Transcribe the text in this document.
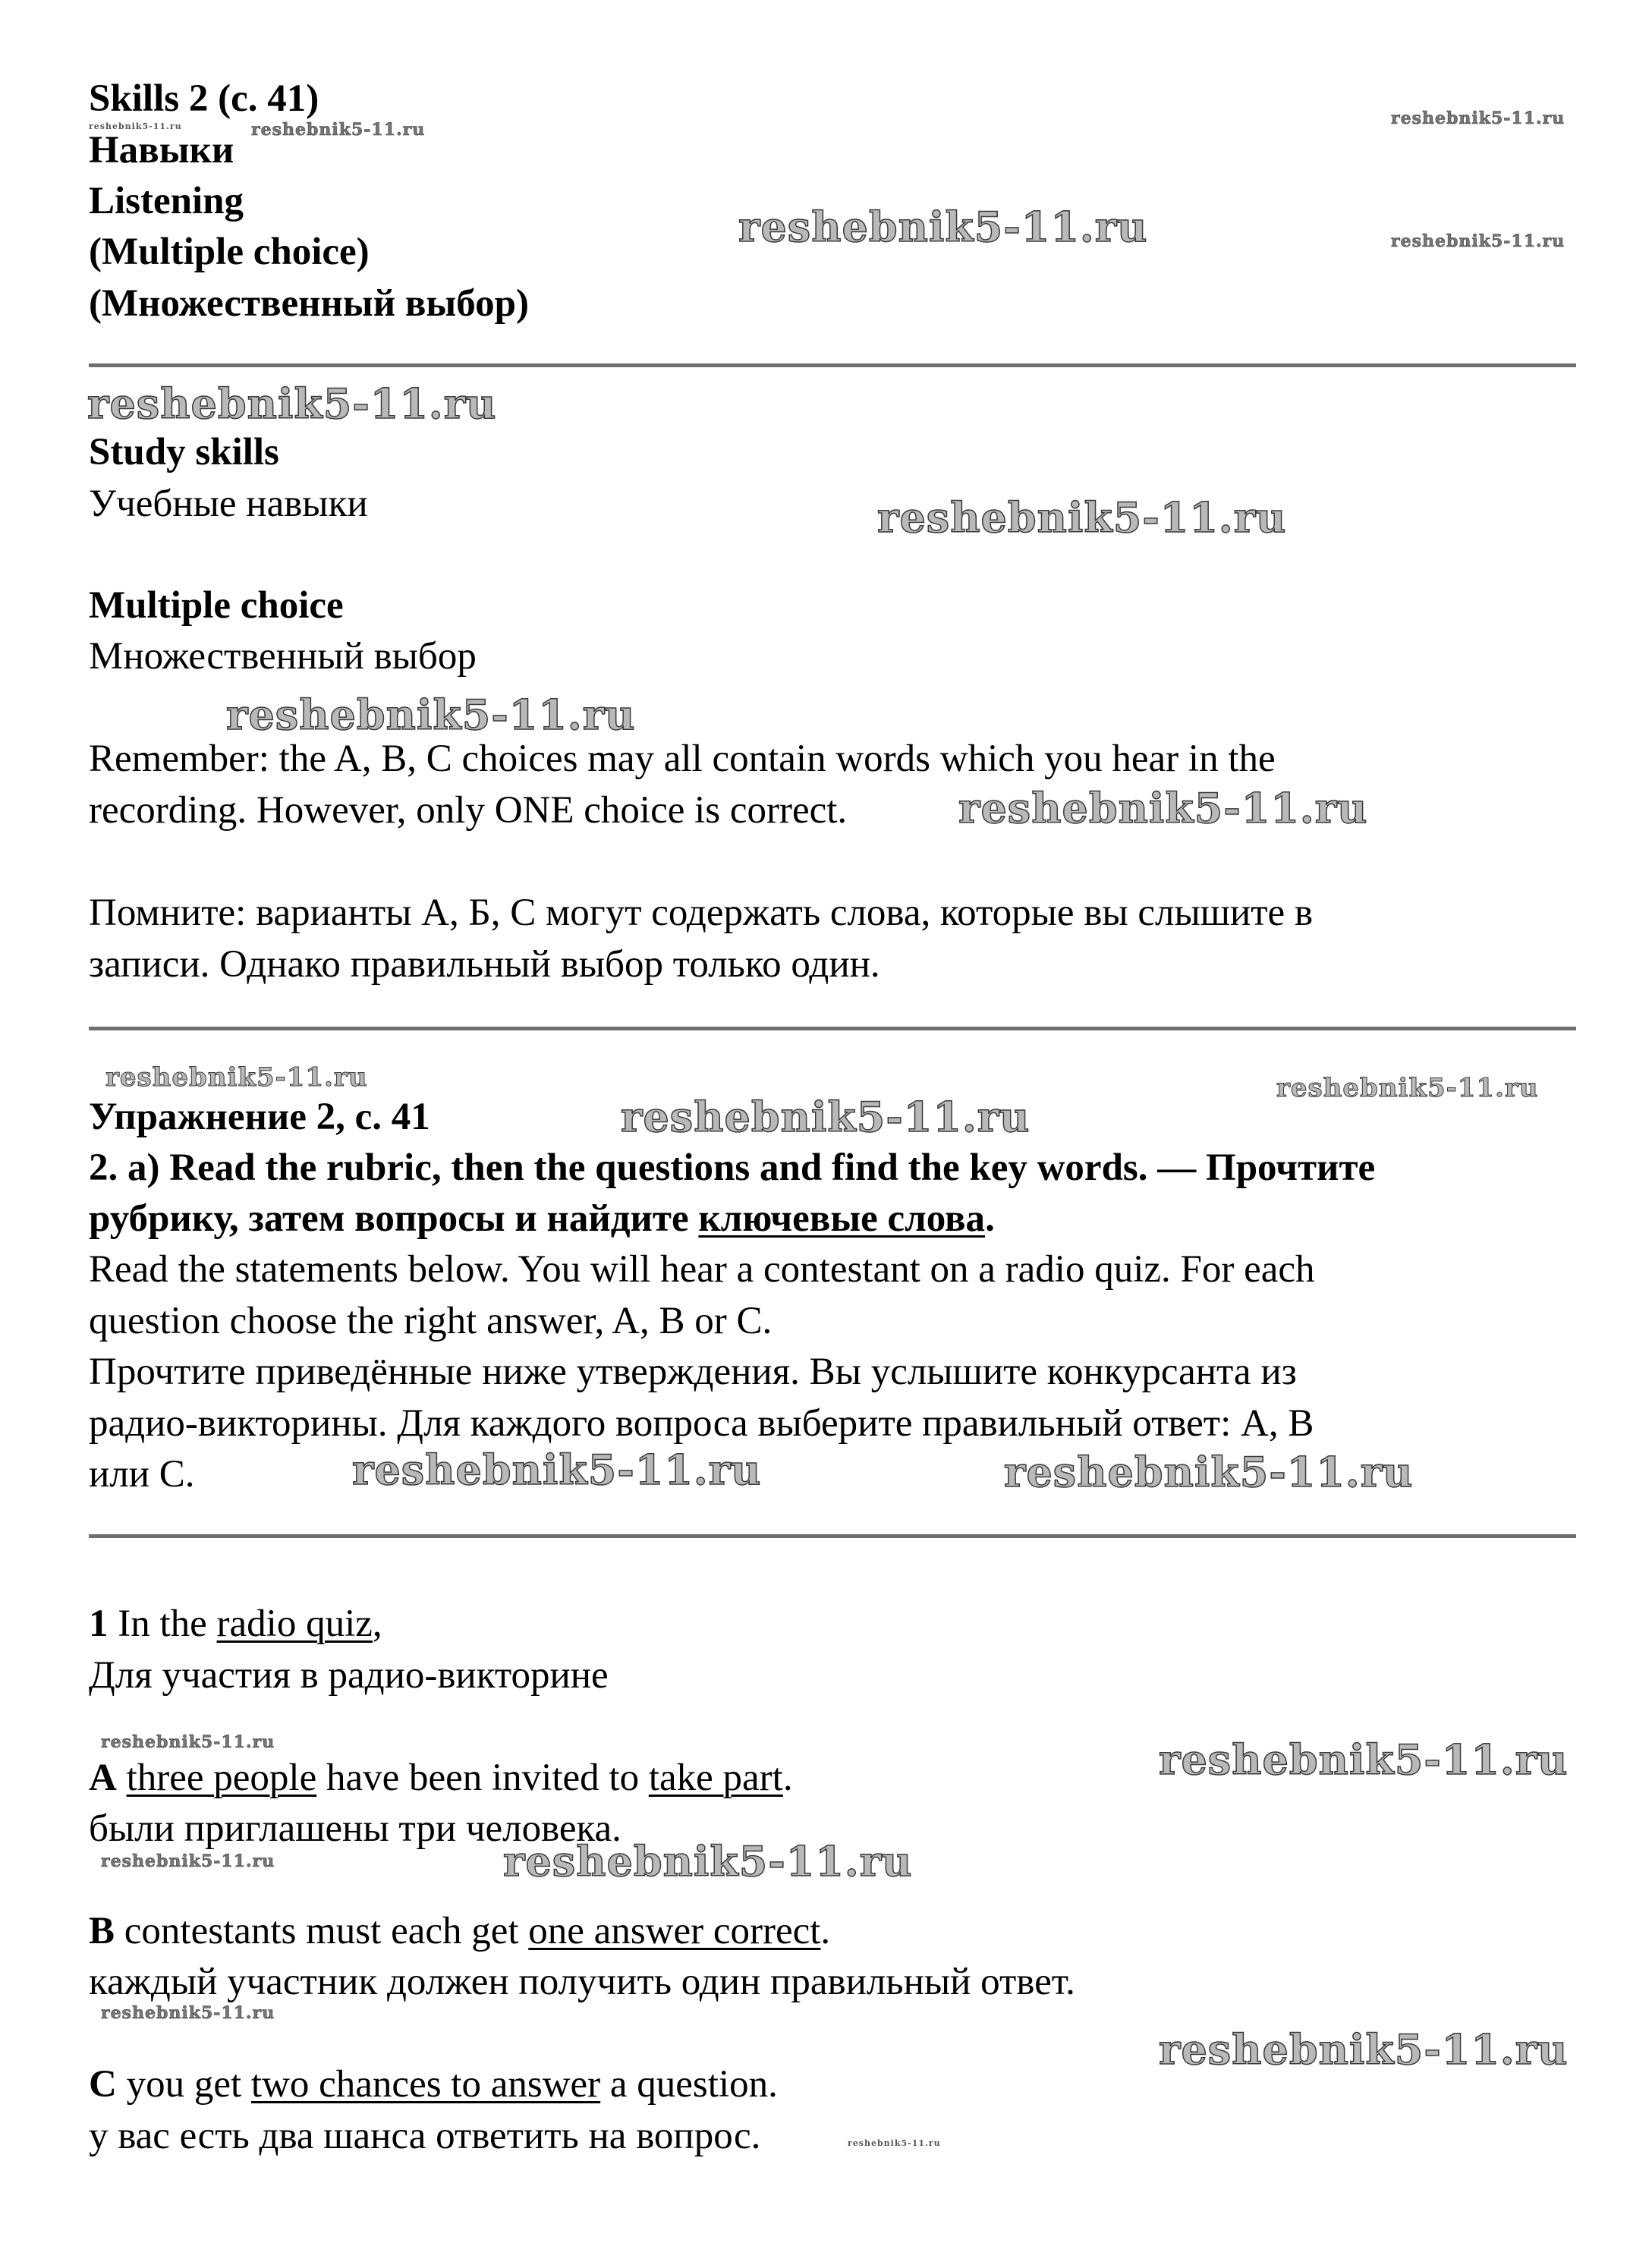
Skills 2 (с. 41)
Навыки
Listening
(Multiple choice)
(Множественный выбор)
Study skills
Учебные навыки
Multiple choice
Множественный выбор
Remember: the A, B, C choices may all contain words which you hear in the
recording. However, only ONE choice is correct.
Помните: варианты А, Б, С могут содержать слова, которые вы слышите в
записи. Однако правильный выбор только один.
Упражнение 2, с. 41
2. a) Read the rubric, then the questions and find the key words. — Прочтите
рубрику, затем вопросы и найдите ключевые слова.
Read the statements below. You will hear a contestant on a radio quiz. For each
question choose the right answer, A, B or C.
Прочтите приведённые ниже утверждения. Вы услышите конкурсанта из
радио-викторины. Для каждого вопроса выберите правильный ответ: А, В
или С.
1 In the radio quiz,
Для участия в радио-викторине
A three people have been invited to take part.
были приглашены три человека.
B contestants must each get one answer correct.
каждый участник должен получить один правильный ответ.
C you get two chances to answer a question.
у вас есть два шанса ответить на вопрос.
reshebnik5-11.ru
reshebnik5-11.ru	reshebnik5-11.ru
reshebnik5-11.ru	reshebnik5-11.ru
reshebnik5-11.ru
reshebnik5-11.ru
reshebnik5-11.ru
reshebnik5-11.ru
reshebnik5-11.ru	reshebnik5-11.ru
reshebnik5-11.ru
reshebnik5-11.ru	reshebnik5-11.ru
reshebnik5-11.ru	reshebnik5-11.ru
reshebnik5-11.ru	reshebnik5-11.ru
reshebnik5-11.ru
reshebnik5-11.ru
reshebnik5-11.ru
